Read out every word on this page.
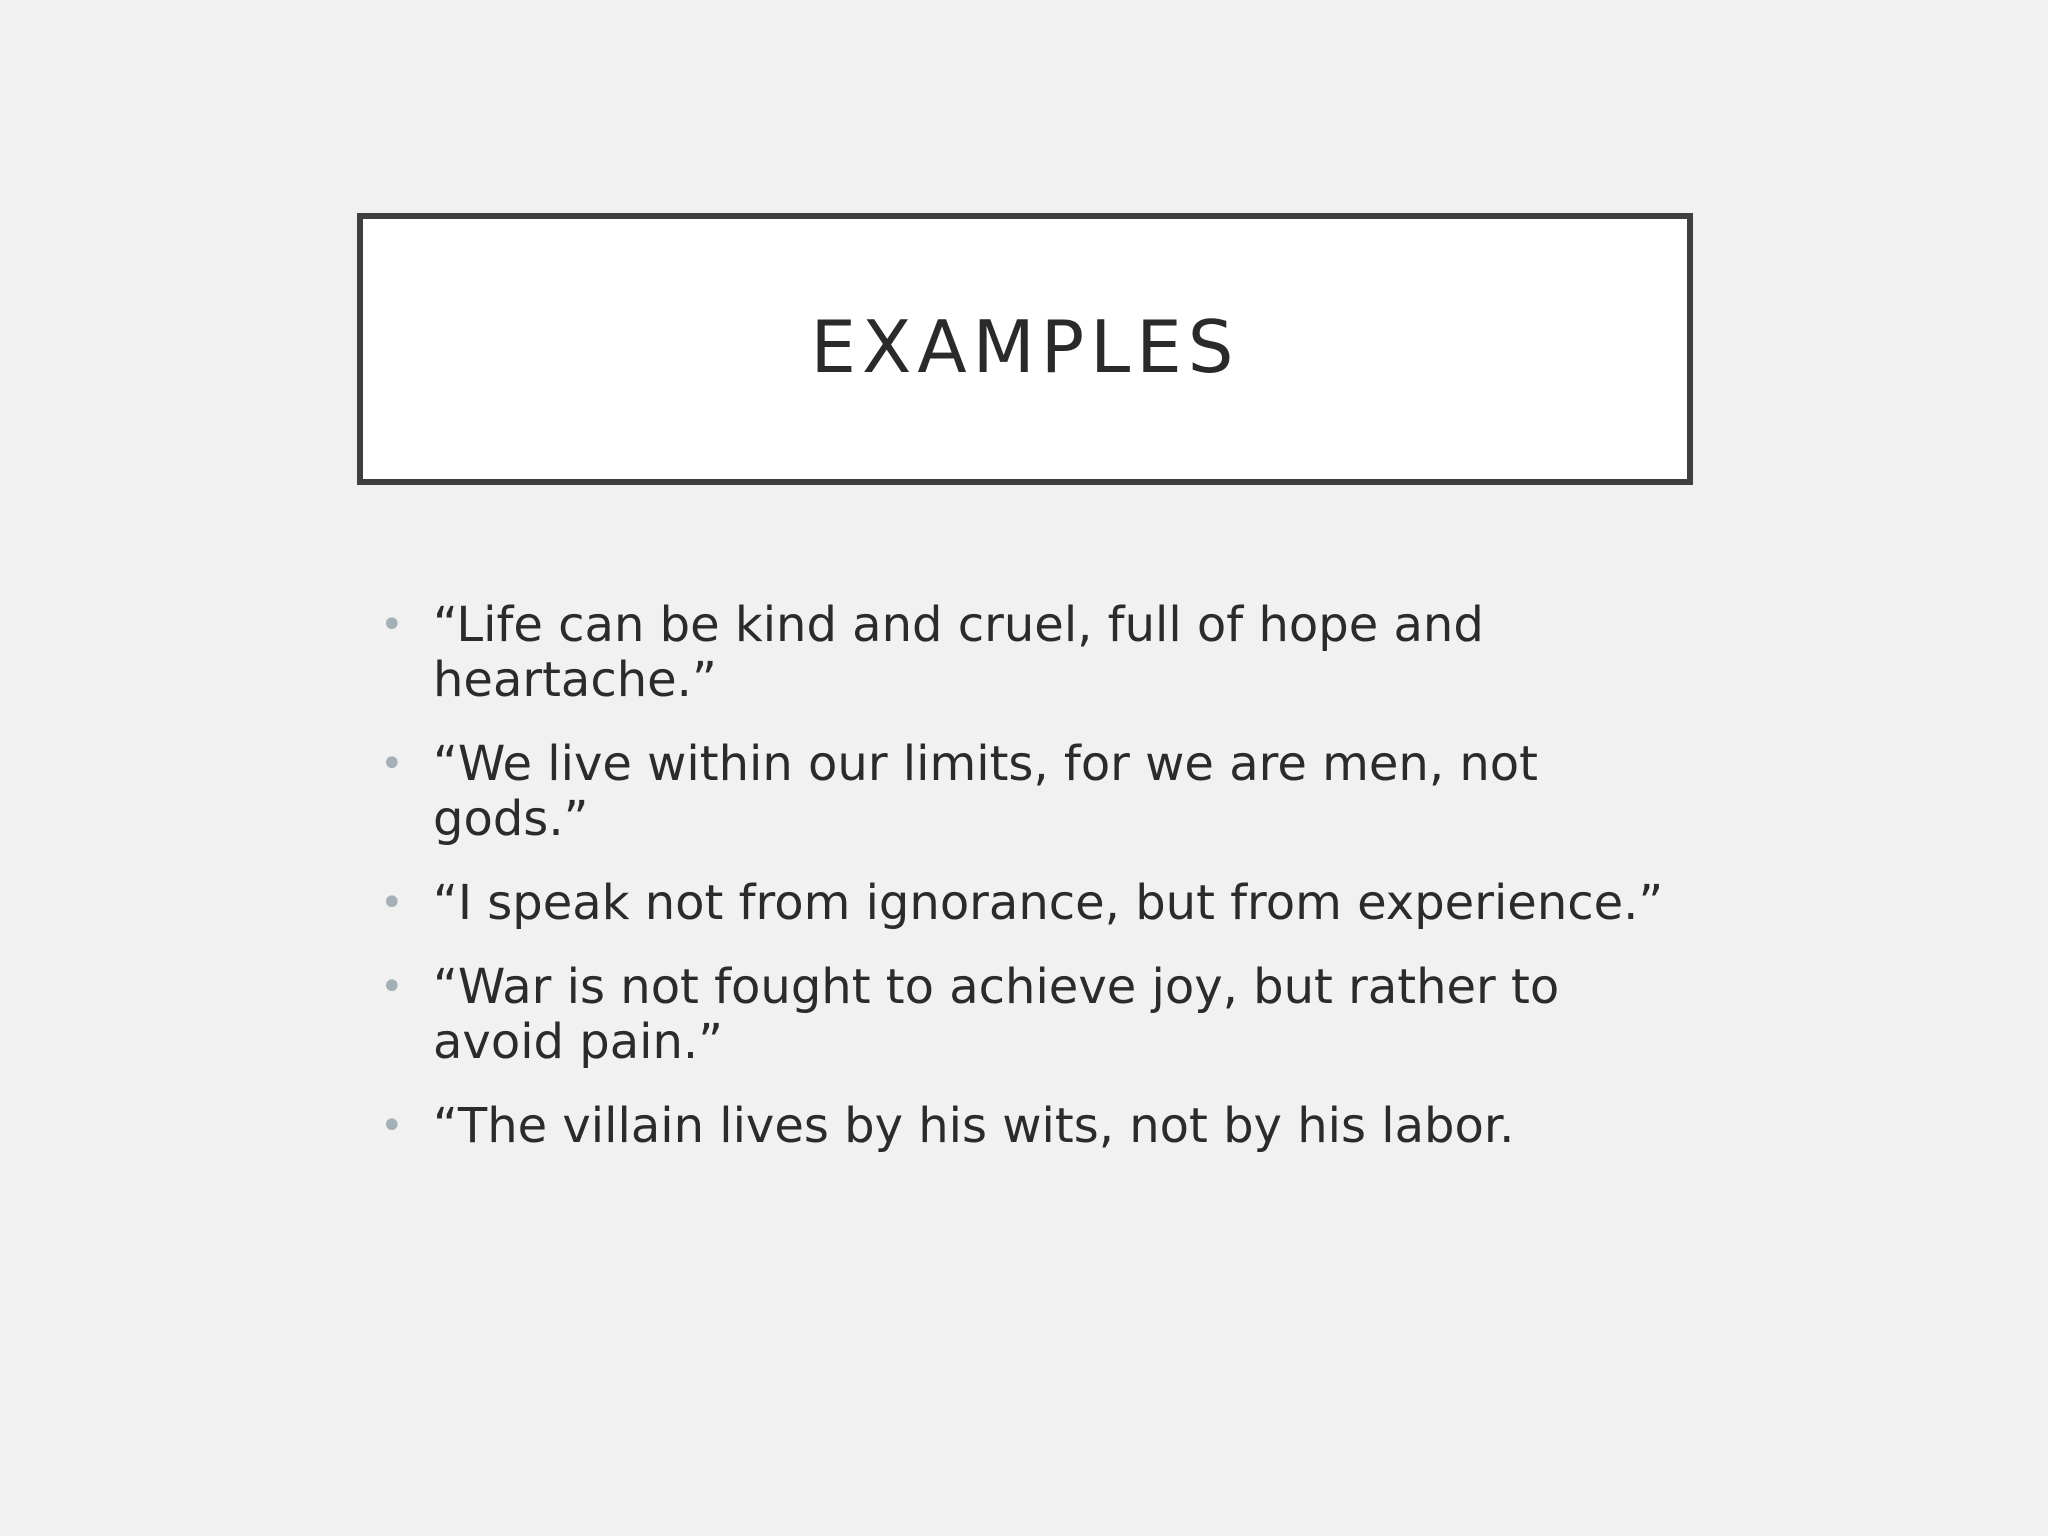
EXAMPLES
• “Life can be kind and cruel, full of hope and heartache.”
• “We live within our limits, for we are men, not gods.”
• “I speak not from ignorance, but from experience.”
• “War is not fought to achieve joy, but rather to avoid pain.”
• “The villain lives by his wits, not by his labor.
